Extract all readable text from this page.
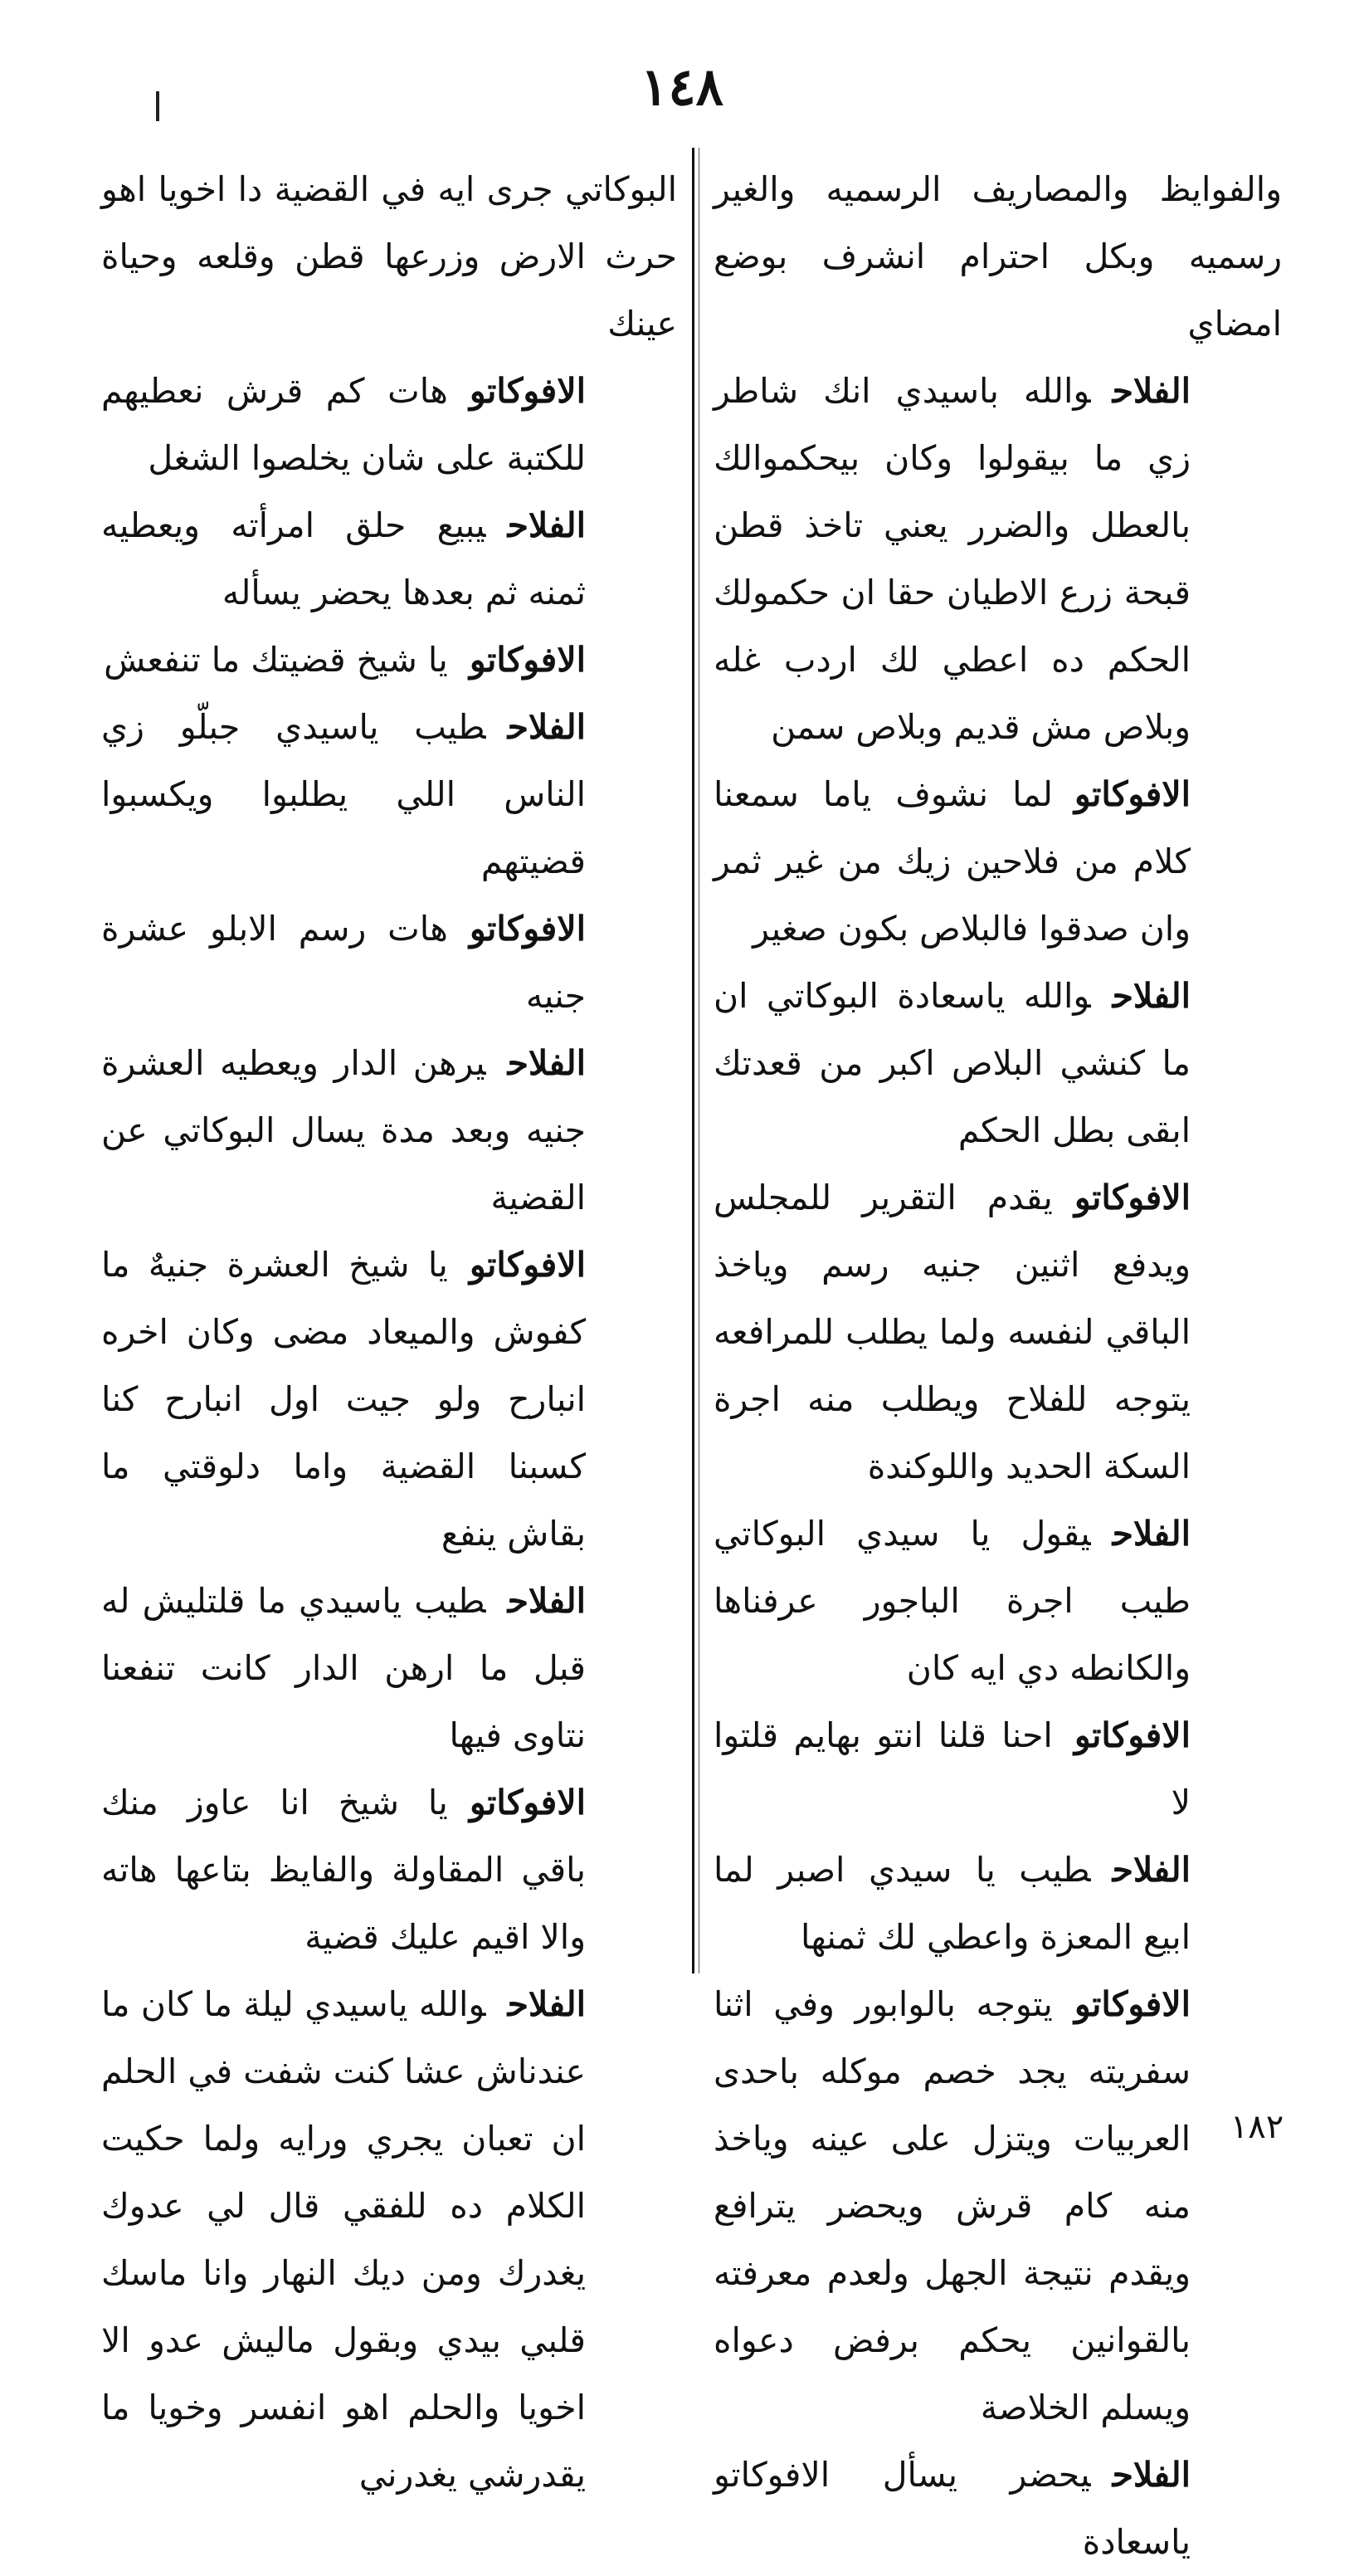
١٤٨

والفوايظ والمصاريف الرسميه والغير رسميه وبكل احترام انشرف بوضع امضاي

الفلاحوالله باسيدي انك شاطر زي ما بيقولوا وكان بيحكموالك بالعطل والضرر يعني تاخذ قطن قبحة زرع الاطيان حقا ان حكمولك الحكم ده اعطي لك اردب غله وبلاص مش قديم وبلاص سمن

الافوكاتولما نشوف ياما سمعنا كلام من فلاحين زيك من غير ثمر وان صدقوا فالبلاص بكون صغير

الفلاحوالله ياسعادة البوكاتي ان ما كنشي البلاص اكبر من قعدتك ابقى بطل الحكم

الافوكاتويقدم التقرير للمجلس ويدفع اثنين جنيه رسم وياخذ الباقي لنفسه ولما يطلب للمرافعه يتوجه للفلاح ويطلب منه اجرة السكة الحديد واللوكندة

الفلاحيقول يا سيدي البوكاتي طيب اجرة الباجور عرفناها والكانطه دي ايه كان

الافوكاتواحنا قلنا انتو بهايم قلتوا لا

الفلاحطيب يا سيدي اصبر لما ابيع المعزة واعطي لك ثمنها

الافوكاتويتوجه بالوابور وفي اثنا سفريته يجد خصم موكله باحدى العربيات ويتزل على عينه وياخذ منه كام قرش ويحضر يترافع ويقدم نتيجة الجهل ولعدم معرفته بالقوانين يحكم برفض دعواه ويسلم الخلاصة

الفلاحيحضر يسأل الافوكاتو ياسعادة

البوكاتي جرى ايه في القضية دا اخويا اهو حرث الارض وزرعها قطن وقلعه وحياة عينك

الافوكاتوهات كم قرش نعطيهم للكتبة على شان يخلصوا الشغل

الفلاحيبيع حلق امرأته ويعطيه ثمنه ثم بعدها يحضر يسأله

الافوكاتويا شيخ قضيتك ما تنفعش

الفلاحطيب ياسيدي جبلّو زي الناس اللي يطلبوا ويكسبوا قضيتهم

الافوكاتوهات رسم الابلو عشرة جنيه

الفلاحيرهن الدار ويعطيه العشرة جنيه وبعد مدة يسال البوكاتي عن القضية

الافوكاتويا شيخ العشرة جنيهٌ ما كفوش والميعاد مضى وكان اخره انبارح ولو جيت اول انبارح كنا كسبنا القضية واما دلوقتي ما بقاش ينفع

الفلاحطيب ياسيدي ما قلتليش له قبل ما ارهن الدار كانت تنفعنا نتاوى فيها

الافوكاتويا شيخ انا عاوز منك باقي المقاولة والفايظ بتاعها هاته والا اقيم عليك قضية

الفلاحوالله ياسيدي ليلة ما كان ما عندناش عشا كنت شفت في الحلم ان تعبان يجري ورايه ولما حكيت الكلام ده للفقي قال لي عدوك يغدرك ومن ديك النهار وانا ماسك قلبي بيدي وبقول ماليش عدو الا اخويا والحلم اهو انفسر وخويا ما يقدرشي يغدرني

١٨٢
